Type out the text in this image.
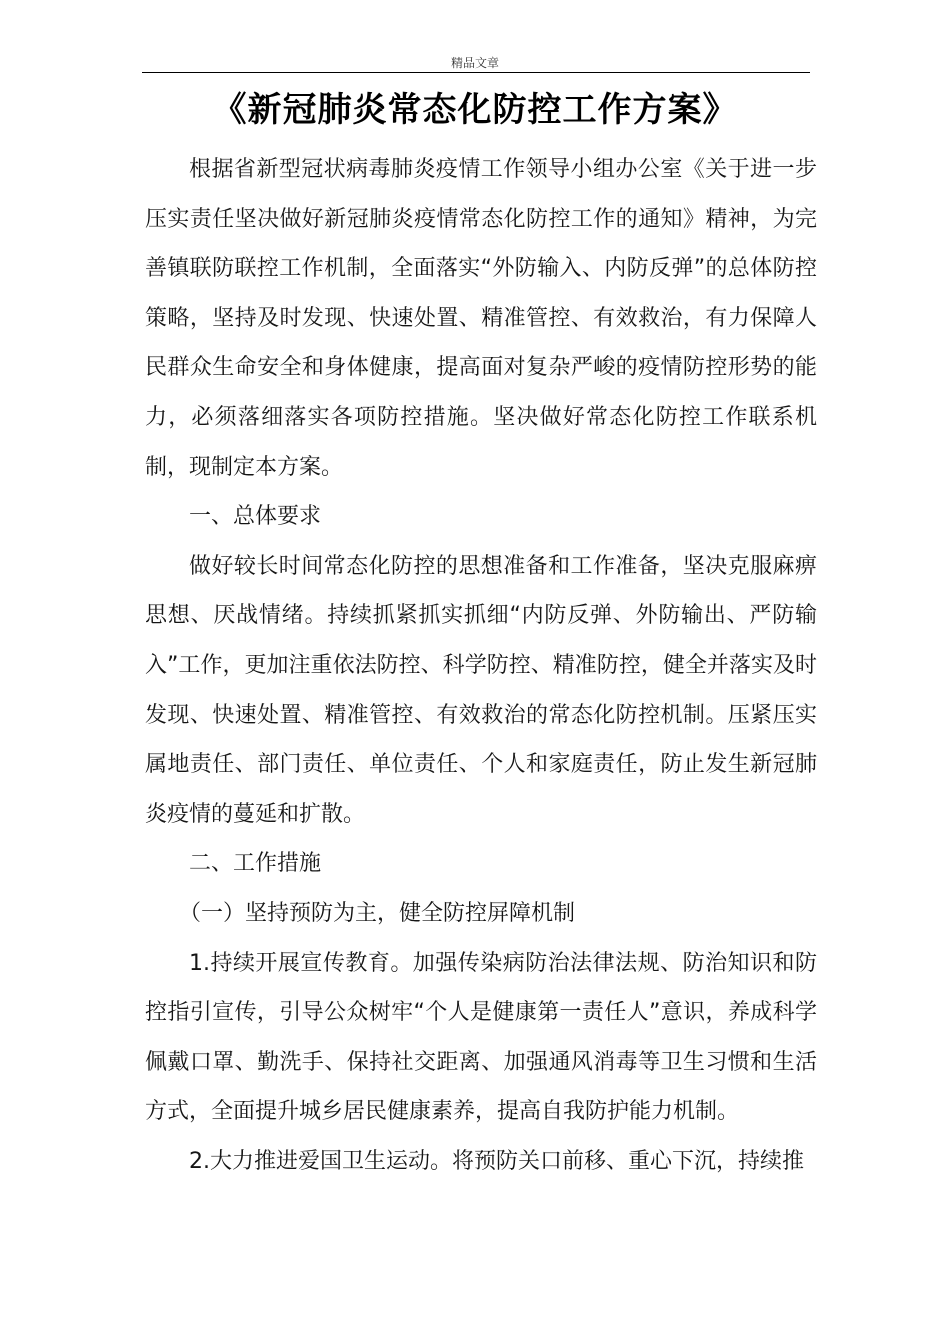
精品文章
《新冠肺炎常态化防控工作方案》

根据省新型冠状病毒肺炎疫情工作领导小组办公室《关于进一步压实责任坚决做好新冠肺炎疫情常态化防控工作的通知》精神，为完善镇联防联控工作机制，全面落实“外防输入、内防反弹”的总体防控策略，坚持及时发现、快速处置、精准管控、有效救治，有力保障人民群众生命安全和身体健康，提高面对复杂严峻的疫情防控形势的能力，必须落细落实各项防控措施。坚决做好常态化防控工作联系机制，现制定本方案。

一、总体要求

做好较长时间常态化防控的思想准备和工作准备，坚决克服麻痹思想、厌战情绪。持续抓紧抓实抓细“内防反弹、外防输出、严防输入”工作，更加注重依法防控、科学防控、精准防控，健全并落实及时发现、快速处置、精准管控、有效救治的常态化防控机制。压紧压实属地责任、部门责任、单位责任、个人和家庭责任，防止发生新冠肺炎疫情的蔓延和扩散。

二、工作措施

（一）坚持预防为主，健全防控屏障机制

1.持续开展宣传教育。加强传染病防治法律法规、防治知识和防控指引宣传，引导公众树牢“个人是健康第一责任人”意识，养成科学佩戴口罩、勤洗手、保持社交距离、加强通风消毒等卫生习惯和生活方式，全面提升城乡居民健康素养，提高自我防护能力机制。

2.大力推进爱国卫生运动。将预防关口前移、重心下沉，持续推
